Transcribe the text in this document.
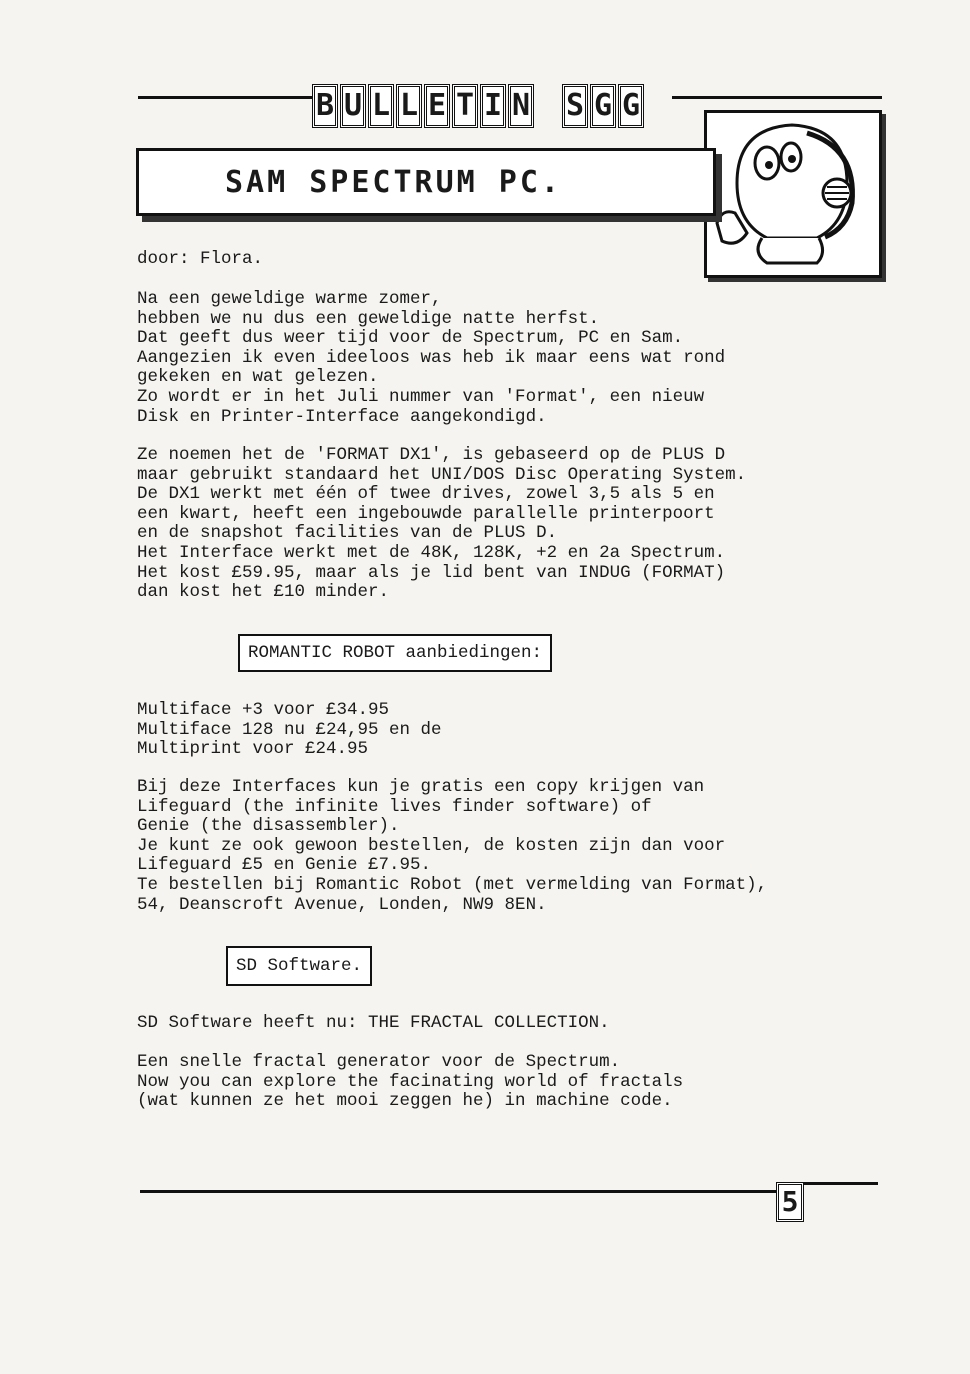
B U L L E T I N S G G
SAM SPECTRUM PC.

door: Flora.

Na een geweldige warme zomer,
hebben we nu dus een geweldige natte herfst.
Dat geeft dus weer tijd voor de Spectrum, PC en Sam.
Aangezien ik even ideeloos was heb ik maar eens wat rond
gekeken en wat gelezen.
Zo wordt er in het Juli nummer van 'Format', een nieuw
Disk en Printer-Interface aangekondigd.

Ze noemen het de 'FORMAT DX1', is gebaseerd op de PLUS D
maar gebruikt standaard het UNI/DOS Disc Operating System.
De DX1 werkt met één of twee drives, zowel 3,5 als 5 en
een kwart, heeft een ingebouwde parallelle printerpoort
en de snapshot facilities van de PLUS D.
Het Interface werkt met de 48K, 128K, +2 en 2a Spectrum.
Het kost £59.95, maar als je lid bent van INDUG (FORMAT)
dan kost het £10 minder.

ROMANTIC ROBOT aanbiedingen:

Multiface +3 voor £34.95
Multiface 128 nu £24,95 en de
Multiprint voor £24.95

Bij deze Interfaces kun je gratis een copy krijgen van
Lifeguard (the infinite lives finder software) of
Genie (the disassembler).
Je kunt ze ook gewoon bestellen, de kosten zijn dan voor
Lifeguard £5 en Genie £7.95.
Te bestellen bij Romantic Robot (met vermelding van Format),
54, Deanscroft Avenue, Londen, NW9 8EN.

SD Software.

SD Software heeft nu: THE FRACTAL COLLECTION.

Een snelle fractal generator voor de Spectrum.
Now you can explore the facinating world of fractals
(wat kunnen ze het mooi zeggen he) in machine code.

5
